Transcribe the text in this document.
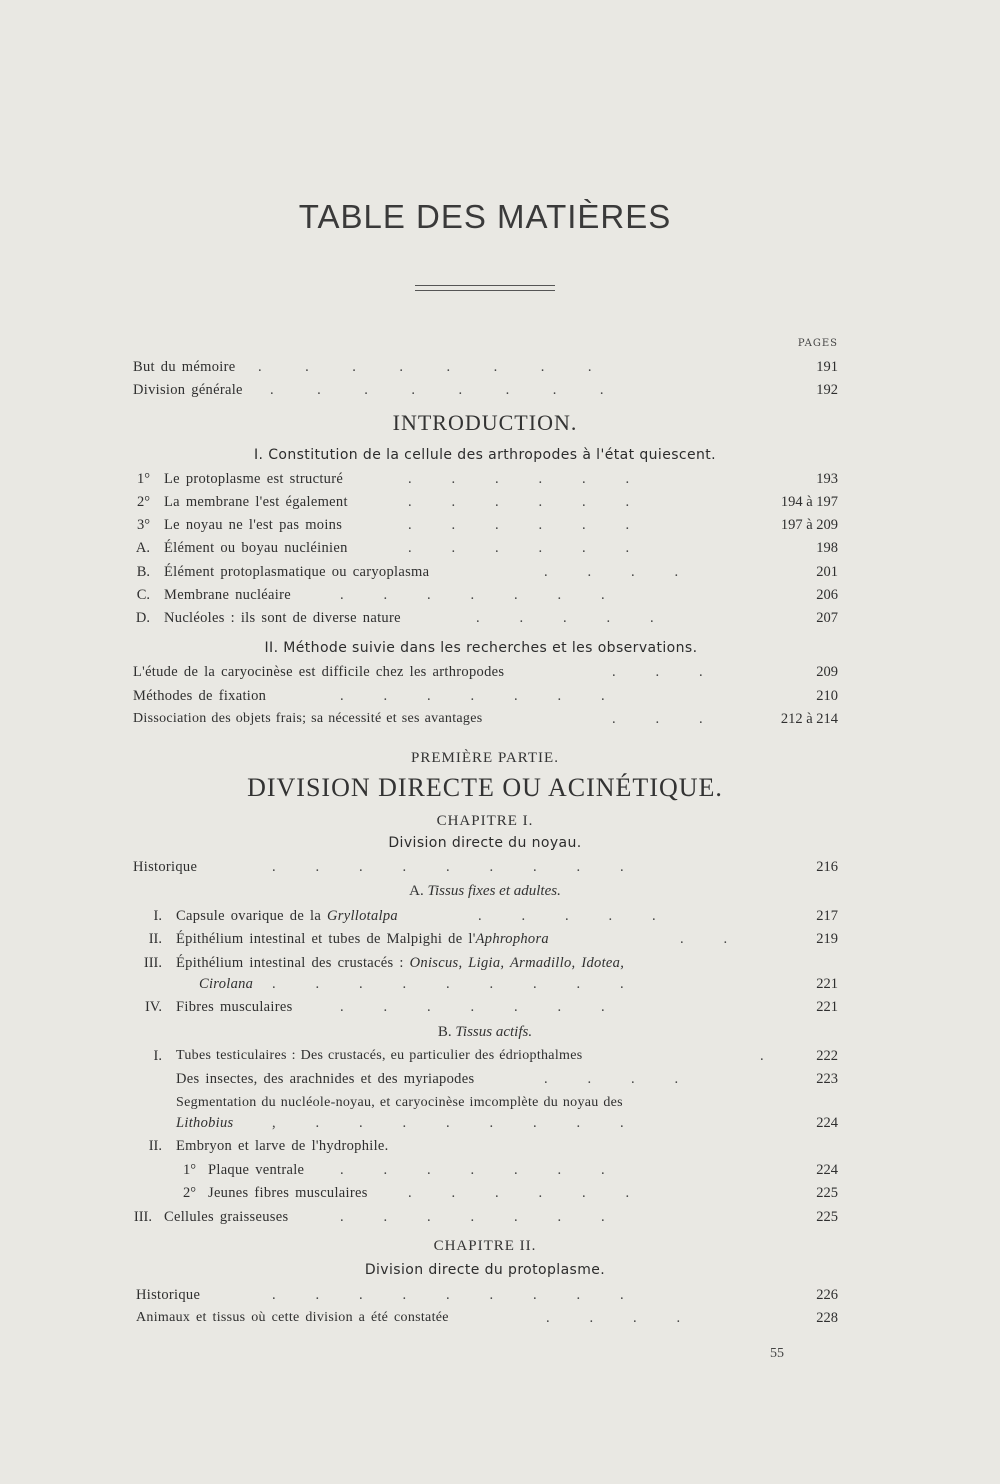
TABLE DES MATIÈRES
PAGES
But du mémoire .            .            .            .            .            .            .            .	191
Division générale .            .            .            .            .            .            .            .	192
INTRODUCTION.
I. Constitution de la cellule des arthropodes à l'état quiescent.
1° Le protoplasme est structuré	.           .           .           .           .           .	193
2° La membrane l'est également	.           .           .           .           .           .	194 à 197
3° Le noyau ne l'est pas moins	.           .           .           .           .           .	197 à 209
A. Élément ou boyau nucléinien	.           .           .           .           .           .	198
B. Élément protoplasmatique ou caryoplasma	.           .           .           .	201
C. Membrane nucléaire	.           .           .           .           .           .           .	206
D. Nucléoles : ils sont de diverse nature	.           .           .           .           .	207
II. Méthode suivie dans les recherches et les observations.
L'étude de la caryocinèse est difficile chez les arthropodes	.           .           .	209
Méthodes de fixation	.           .           .           .           .           .           .	210
Dissociation des objets frais; sa nécessité et ses avantages	.           .           .	212 à 214
PREMIÈRE PARTIE.
DIVISION DIRECTE OU ACINÉTIQUE.
CHAPITRE I.
Division directe du noyau.
Historique	.           .           .           .           .           .           .           .           .	216
A. Tissus fixes et adultes.
I. Capsule ovarique de la Gryllotalpa	.           .           .           .           .	217
II. Épithélium intestinal et tubes de Malpighi de l'Aphrophora	.           .	219
III. Épithélium intestinal des crustacés : Oniscus, Ligia, Armadillo, Idotea,
Cirolana .           .           .           .           .           .           .           .           .	221
IV. Fibres musculaires	.           .           .           .           .           .           .	221
B. Tissus actifs.
I. Tubes testiculaires : Des crustacés, eu particulier des édriopthalmes	.	222
Des insectes, des arachnides et des myriapodes	.           .           .           .	223
Segmentation du nucléole-noyau, et caryocinèse imcomplète du noyau des
Lithobius	,           .           .           .           .           .           .           .           .	224
II. Embryon et larve de l'hydrophile.
1° Plaque ventrale .           .           .           .           .           .           .	224
2° Jeunes fibres musculaires	.           .           .           .           .           .	225
III. Cellules graisseuses	.           .           .           .           .           .           .	225
CHAPITRE II.
Division directe du protoplasme.
Historique	.           .           .           .           .           .           .           .           .	226
Animaux et tissus où cette division a été constatée	.           .           .           .	228
55
